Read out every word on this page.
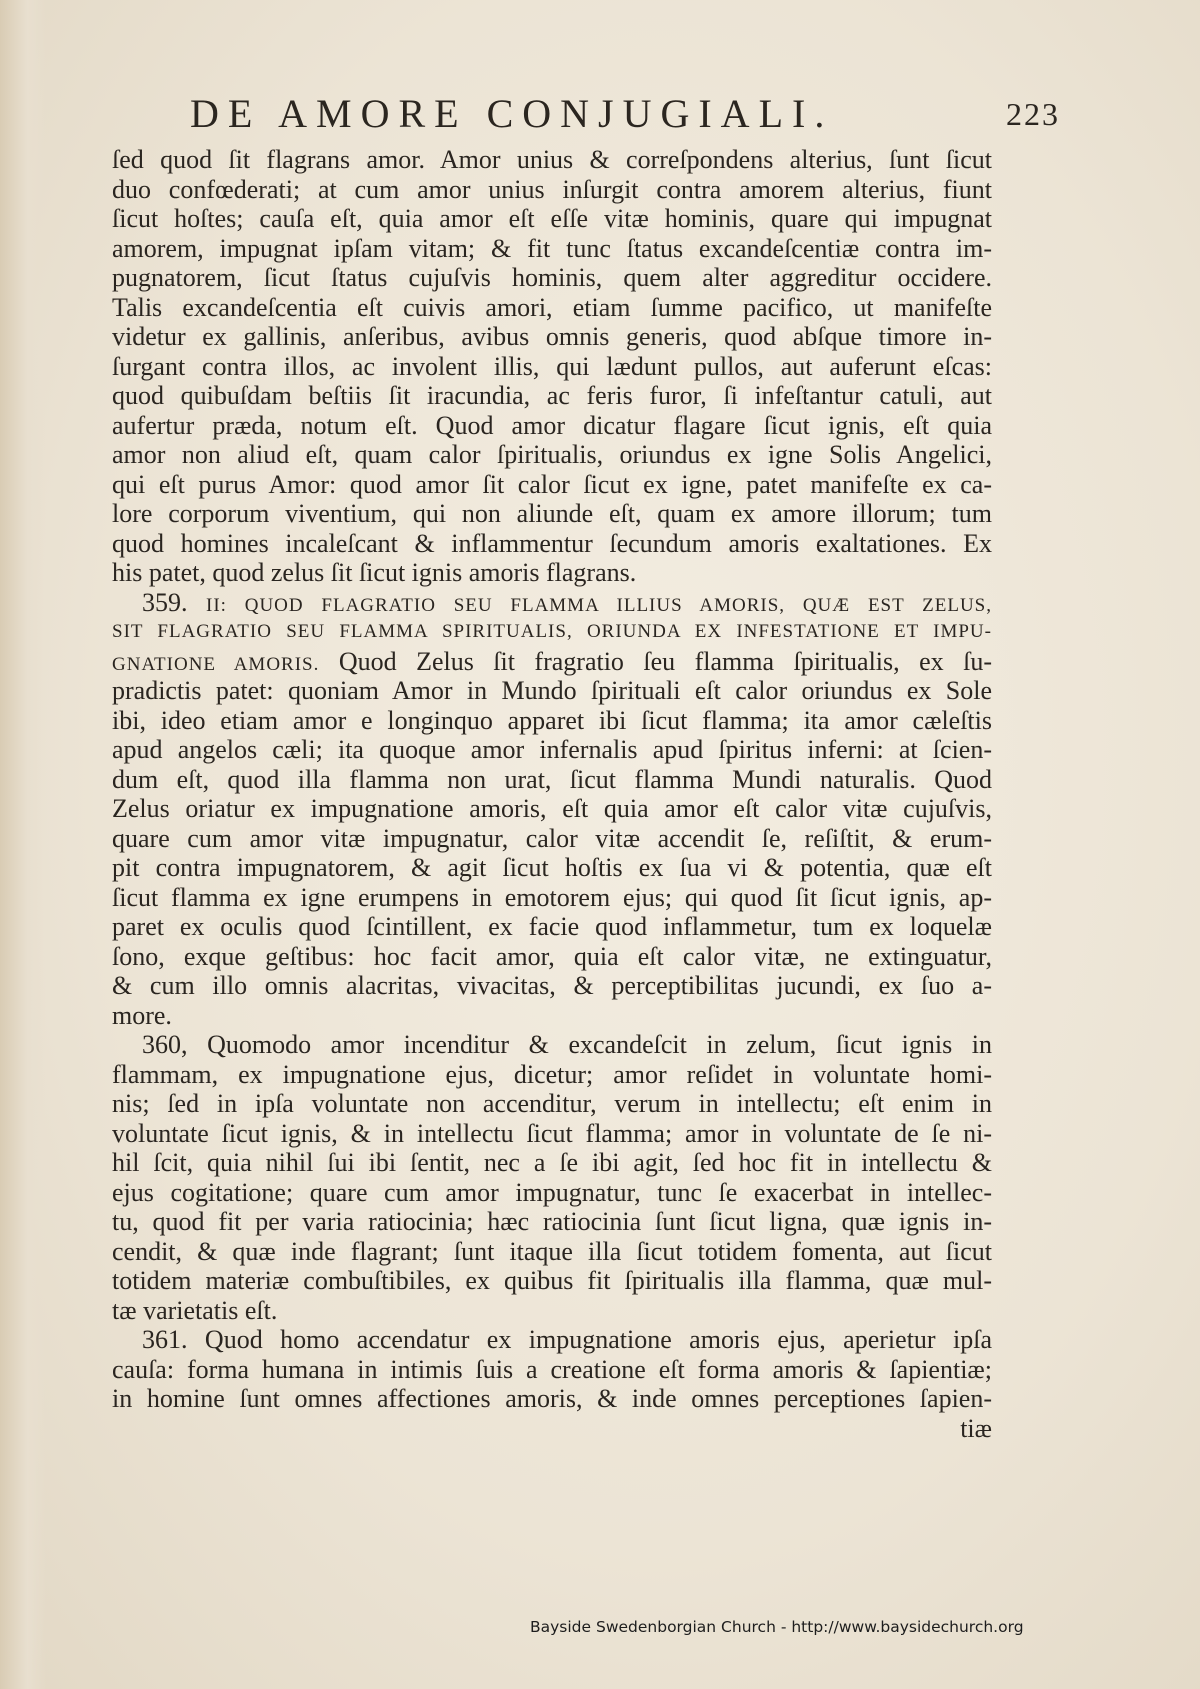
DE AMORE CONJUGIALI.	223
ſed quod ſit flagrans amor. Amor unius & correſpondens alterius, ſunt ſicut
duo confœderati; at cum amor unius inſurgit contra amorem alterius, fiunt
ſicut hoſtes; cauſa eſt, quia amor eſt eſſe vitæ hominis, quare qui impugnat
amorem, impugnat ipſam vitam; & fit tunc ſtatus excandeſcentiæ contra im-
pugnatorem, ſicut ſtatus cujuſvis hominis, quem alter aggreditur occidere.
Talis excandeſcentia eſt cuivis amori, etiam ſumme pacifico, ut manifeſte
videtur ex gallinis, anſeribus, avibus omnis generis, quod abſque timore in-
ſurgant contra illos, ac involent illis, qui lædunt pullos, aut auferunt eſcas:
quod quibuſdam beſtiis ſit iracundia, ac feris furor, ſi infeſtantur catuli, aut
aufertur præda, notum eſt. Quod amor dicatur flagare ſicut ignis, eſt quia
amor non aliud eſt, quam calor ſpiritualis, oriundus ex igne Solis Angelici,
qui eſt purus Amor: quod amor ſit calor ſicut ex igne, patet manifeſte ex ca-
lore corporum viventium, qui non aliunde eſt, quam ex amore illorum; tum
quod homines incaleſcant & inflammentur ſecundum amoris exaltationes. Ex
his patet, quod zelus ſit ſicut ignis amoris flagrans.
359. II: QUOD FLAGRATIO SEU FLAMMA ILLIUS AMORIS, QUÆ EST ZELUS,
SIT FLAGRATIO SEU FLAMMA SPIRITUALIS, ORIUNDA EX INFESTATIONE ET IMPU-
GNATIONE AMORIS. Quod Zelus ſit fragratio ſeu flamma ſpiritualis, ex ſu-
pradictis patet: quoniam Amor in Mundo ſpirituali eſt calor oriundus ex Sole
ibi, ideo etiam amor e longinquo apparet ibi ſicut flamma; ita amor cæleſtis
apud angelos cæli; ita quoque amor infernalis apud ſpiritus inferni: at ſcien-
dum eſt, quod illa flamma non urat, ſicut flamma Mundi naturalis. Quod
Zelus oriatur ex impugnatione amoris, eſt quia amor eſt calor vitæ cujuſvis,
quare cum amor vitæ impugnatur, calor vitæ accendit ſe, reſiſtit, & erum-
pit contra impugnatorem, & agit ſicut hoſtis ex ſua vi & potentia, quæ eſt
ſicut flamma ex igne erumpens in emotorem ejus; qui quod ſit ſicut ignis, ap-
paret ex oculis quod ſcintillent, ex facie quod inflammetur, tum ex loquelæ
ſono, exque geſtibus: hoc facit amor, quia eſt calor vitæ, ne extinguatur,
& cum illo omnis alacritas, vivacitas, & perceptibilitas jucundi, ex ſuo a-
more.
360, Quomodo amor incenditur & excandeſcit in zelum, ſicut ignis in
flammam, ex impugnatione ejus, dicetur; amor reſidet in voluntate homi-
nis; ſed in ipſa voluntate non accenditur, verum in intellectu; eſt enim in
voluntate ſicut ignis, & in intellectu ſicut flamma; amor in voluntate de ſe ni-
hil ſcit, quia nihil ſui ibi ſentit, nec a ſe ibi agit, ſed hoc fit in intellectu &
ejus cogitatione; quare cum amor impugnatur, tunc ſe exacerbat in intellec-
tu, quod fit per varia ratiocinia; hæc ratiocinia ſunt ſicut ligna, quæ ignis in-
cendit, & quæ inde flagrant; ſunt itaque illa ſicut totidem fomenta, aut ſicut
totidem materiæ combuſtibiles, ex quibus fit ſpiritualis illa flamma, quæ mul-
tæ varietatis eſt.
361. Quod homo accendatur ex impugnatione amoris ejus, aperietur ipſa
cauſa: forma humana in intimis ſuis a creatione eſt forma amoris & ſapientiæ;
in homine ſunt omnes affectiones amoris, & inde omnes perceptiones ſapien-
tiæ
Bayside Swedenborgian Church - http://www.baysidechurch.org
